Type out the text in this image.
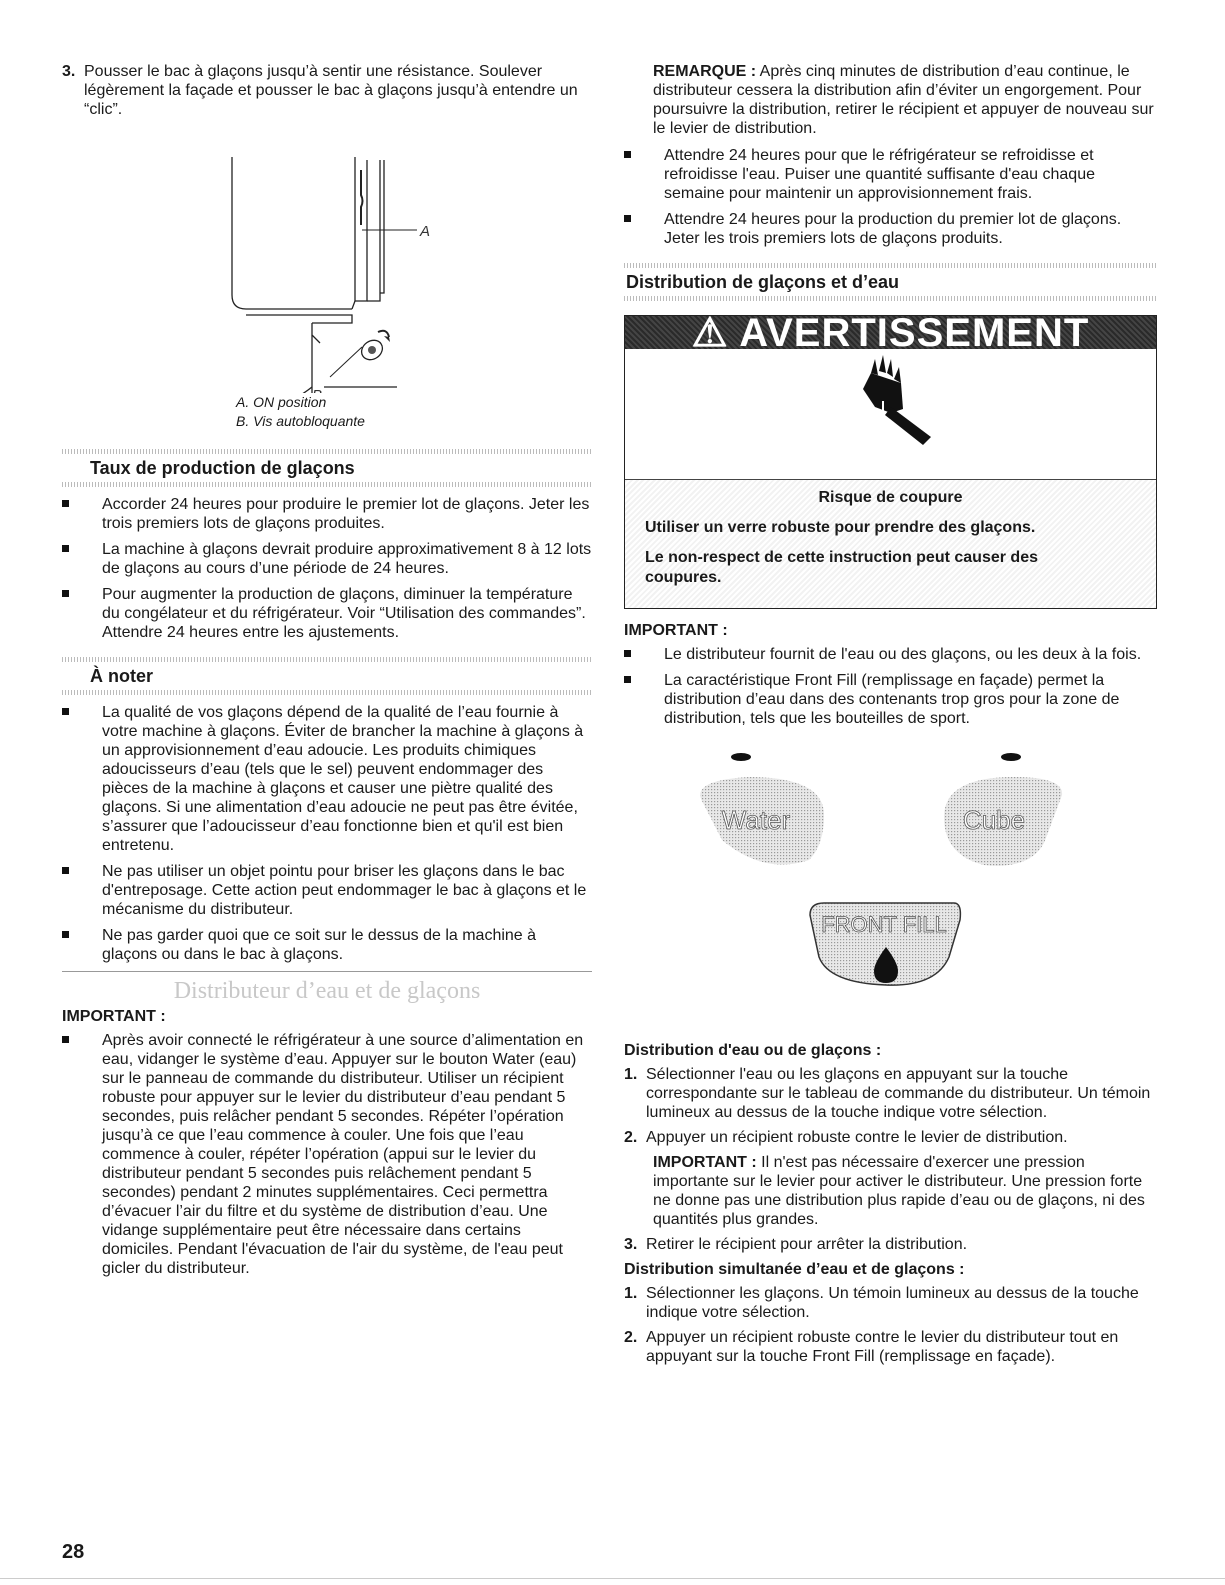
3. Pousser le bac à glaçons jusqu’à sentir une résistance. Soulever légèrement la façade et pousser le bac à glaçons jusqu’à entendre un “clic”.

A
A. ON position
B. Vis autobloquante
Taux de production de glaçons

Accorder 24 heures pour produire le premier lot de glaçons. Jeter les trois premiers lots de glaçons produites.

La machine à glaçons devrait produire approximativement 8 à 12 lots de glaçons au cours d’une période de 24 heures.

Pour augmenter la production de glaçons, diminuer la température du congélateur et du réfrigérateur. Voir “Utilisation des commandes”. Attendre 24 heures entre les ajustements.

À noter

La qualité de vos glaçons dépend de la qualité de l’eau fournie à votre machine à glaçons. Éviter de brancher la machine à glaçons à un approvisionnement d’eau adoucie. Les produits chimiques adoucisseurs d’eau (tels que le sel) peuvent endommager des pièces de la machine à glaçons et causer une piètre qualité des glaçons. Si une alimentation d’eau adoucie ne peut pas être évitée, s’assurer que l’adoucisseur d’eau fonctionne bien et qu'il est bien entretenu.

Ne pas utiliser un objet pointu pour briser les glaçons dans le bac d'entreposage. Cette action peut endommager le bac à glaçons et le mécanisme du distributeur.

Ne pas garder quoi que ce soit sur le dessus de la machine à glaçons ou dans le bac à glaçons.

Distributeur d’eau et de glaçons
IMPORTANT :

Après avoir connecté le réfrigérateur à une source d’alimentation en eau, vidanger le système d’eau. Appuyer sur le bouton Water (eau) sur le panneau de commande du distributeur. Utiliser un récipient robuste pour appuyer sur le levier du distributeur d’eau pendant 5 secondes, puis relâcher pendant 5 secondes. Répéter l’opération jusqu’à ce que l’eau commence à couler. Une fois que l’eau commence à couler, répéter l’opération (appui sur le levier du distributeur pendant 5 secondes puis relâchement pendant 5 secondes) pendant 2 minutes supplémentaires. Ceci permettra d’évacuer l’air du filtre et du système de distribution d’eau. Une vidange supplémentaire peut être nécessaire dans certains domiciles. Pendant l'évacuation de l'air du système, de l'eau peut gicler du distributeur.

REMARQUE : Après cinq minutes de distribution d’eau continue, le distributeur cessera la distribution afin d’éviter un engorgement. Pour poursuivre la distribution, retirer le récipient et appuyer de nouveau sur le levier de distribution.

Attendre 24 heures pour que le réfrigérateur se refroidisse et refroidisse l'eau. Puiser une quantité suffisante d'eau chaque semaine pour maintenir un approvisionnement frais.

Attendre 24 heures pour la production du premier lot de glaçons. Jeter les trois premiers lots de glaçons produits.

Distribution de glaçons et d’eau
⚠ AVERTISSEMENT
Risque de coupure

Utiliser un verre robuste pour prendre des glaçons.

Le non-respect de cette instruction peut causer des coupures.

IMPORTANT :

Le distributeur fournit de l'eau ou des glaçons, ou les deux à la fois.

La caractéristique Front Fill (remplissage en façade) permet la distribution d’eau dans des contenants trop gros pour la zone de distribution, tels que les bouteilles de sport.

Water	Cube
FRONT FILL
Distribution d'eau ou de glaçons :
1. Sélectionner l'eau ou les glaçons en appuyant sur la touche correspondante sur le tableau de commande du distributeur. Un témoin lumineux au dessus de la touche indique votre sélection.

2. Appuyer un récipient robuste contre le levier de distribution.

IMPORTANT : Il n'est pas nécessaire d'exercer une pression importante sur le levier pour activer le distributeur. Une pression forte ne donne pas une distribution plus rapide d’eau ou de glaçons, ni des quantités plus grandes.

3. Retirer le récipient pour arrêter la distribution.

Distribution simultanée d’eau et de glaçons :
1. Sélectionner les glaçons. Un témoin lumineux au dessus de la touche indique votre sélection.

2. Appuyer un récipient robuste contre le levier du distributeur tout en appuyant sur la touche Front Fill (remplissage en façade).

28
